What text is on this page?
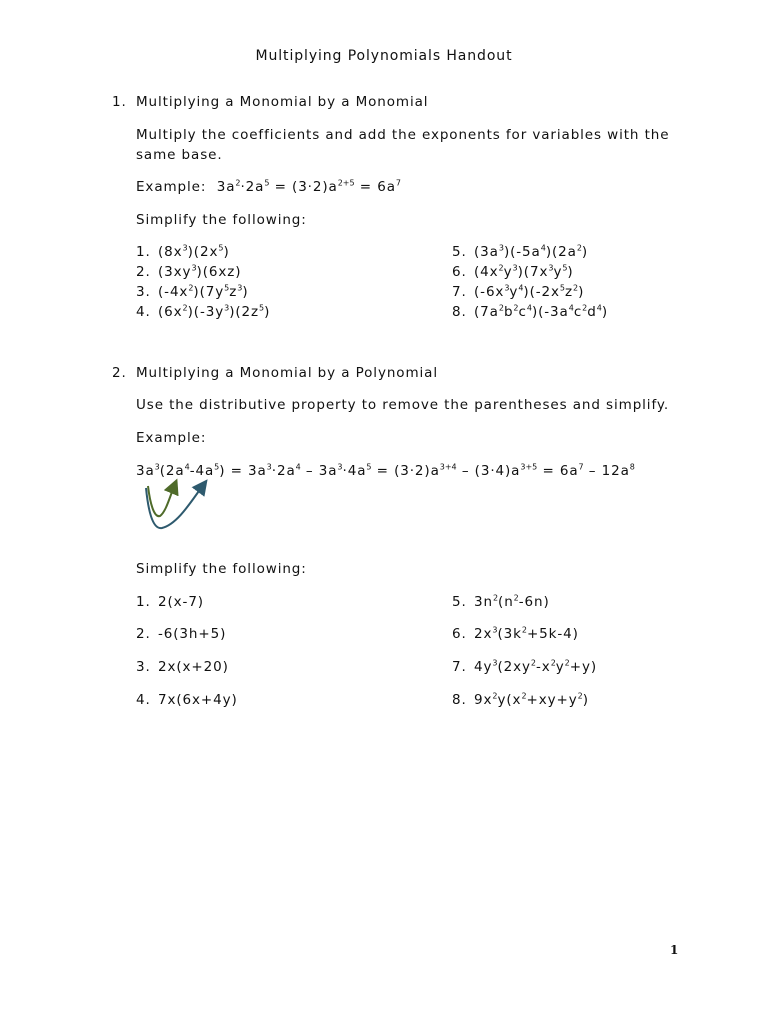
Multiplying Polynomials Handout
1. Multiplying a Monomial by a Monomial
Multiply the coefficients and add the exponents for variables with the same base.
Example: $3a^2\cdot 2a^5 = (3\cdot 2)a^{2+5} = 6a^7$
Simplify the following:
1. $(8x^3)(2x^5)$
2. $(3xy^3)(6xz)$
3. $(-4x^2)(7y^5z^3)$
4. $(6x^2)(-3y^3)(2z^5)$
5. $(3a^3)(-5a^4)(2a^2)$
6. $(4x^2y^3)(7x^3y^5)$
7. $(-6x^3y^4)(-2x^5z^2)$
8. $(7a^2b^2c^4)(-3a^4c^2d^4)$
2. Multiplying a Monomial by a Polynomial
Use the distributive property to remove the parentheses and simplify.
Example:
$3a^3(2a^4-4a^5) = 3a^3\cdot 2a^4 - 3a^3\cdot 4a^5 = (3\cdot 2)a^{3+4} - (3\cdot 4)a^{3+5} = 6a^7 - 12a^8$
Simplify the following:
1. 2(x-7)
2. -6(3h+5)
3. 2x(x+20)
4. 7x(6x+4y)
5. $3n^2(n^2-6n)$
6. $2x^3(3k^2+5k-4)$
7. $4y^3(2xy^2-x^2y^2+y)$
8. $9x^2y(x^2+xy+y^2)$
1
